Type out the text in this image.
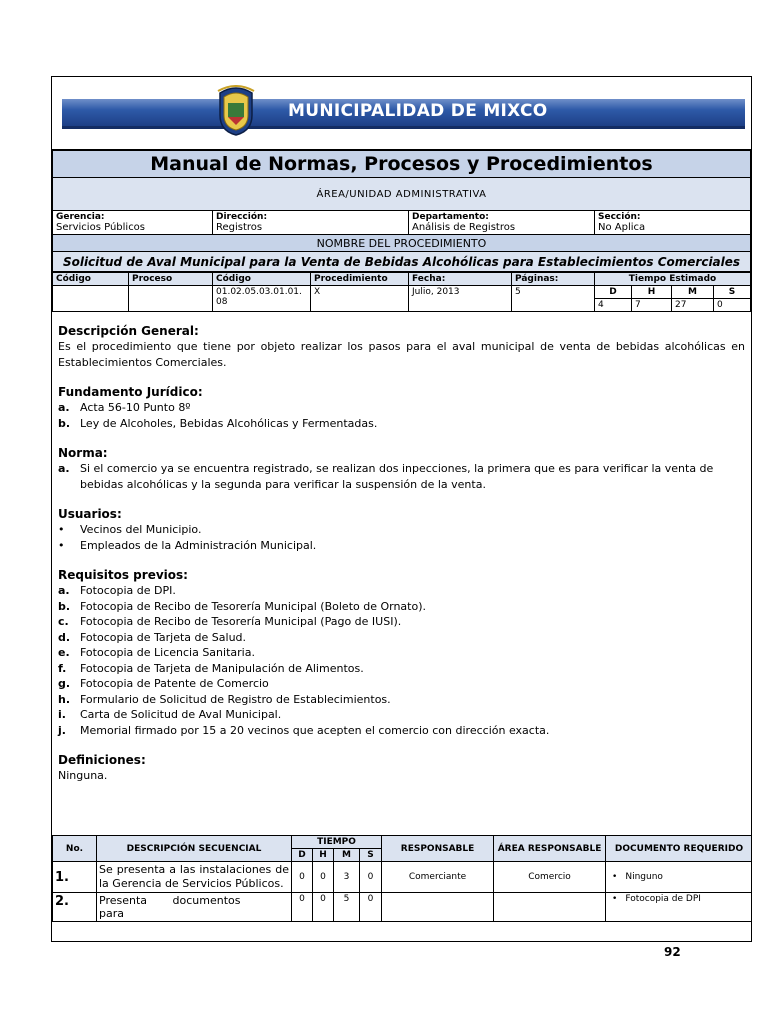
MUNICIPALIDAD DE MIXCO
Manual de Normas, Procesos y Procedimientos
ÁREA/UNIDAD ADMINISTRATIVA

Gerencia:
Servicios Públicos

Dirección:
Registros

Departamento:
Análisis de Registros

Sección:
No Aplica

NOMBRE DEL PROCEDIMIENTO
Solicitud de Aval Municipal para la Venta de Bebidas Alcohólicas para Establecimientos Comerciales
Código	Proceso	Código	Procedimiento	Fecha:	Páginas:	Tiempo Estimado			
		01.02.05.03.01.01.08	X	Julio, 2013	5	D	H	M	S
						4	7	27	0
Descripción General:
Es el procedimiento que tiene por objeto realizar los pasos para el aval municipal de venta de bebidas alcohólicas en Establecimientos Comerciales.
Fundamento Jurídico:
a. Acta 56-10 Punto 8º
b. Ley de Alcoholes, Bebidas Alcohólicas y Fermentadas.
Norma:
a. Si el comercio ya se encuentra registrado, se realizan dos inpecciones, la primera que es para verificar la venta de bebidas alcohólicas y la segunda para verificar la suspensión de la venta.
Usuarios:
•	Vecinos del Municipio.
•	Empleados de la Administración Municipal.
Requisitos previos:
a. Fotocopia de DPI.
b. Fotocopia de Recibo de Tesorería Municipal (Boleto de Ornato).
c.	Fotocopia de Recibo de Tesorería Municipal (Pago de IUSI).
d. Fotocopia de Tarjeta de Salud.
e. Fotocopia de Licencia Sanitaria.
f.	Fotocopia de Tarjeta de Manipulación de Alimentos.
g. Fotocopia de Patente de Comercio
h. Formulario de Solicitud de Registro de Establecimientos.
i.	Carta de Solicitud de Aval Municipal.
j.	Memorial firmado por 15 a 20 vecinos que acepten el comercio con dirección exacta.
Definiciones:
Ninguna.
No.	DESCRIPCIÓN SECUENCIAL	TIEMPO				RESPONSABLE	ÁREA RESPONSABLE	DOCUMENTO REQUERIDO
		D	H	M	S			
1.	Se presenta a las instalaciones de la Gerencia de Servicios Públicos.	0	0	3	0	Comerciante	Comercio	• Ninguno
2.	Presenta documentos para	0	0	5	0			• Fotocopia de DPI
92
